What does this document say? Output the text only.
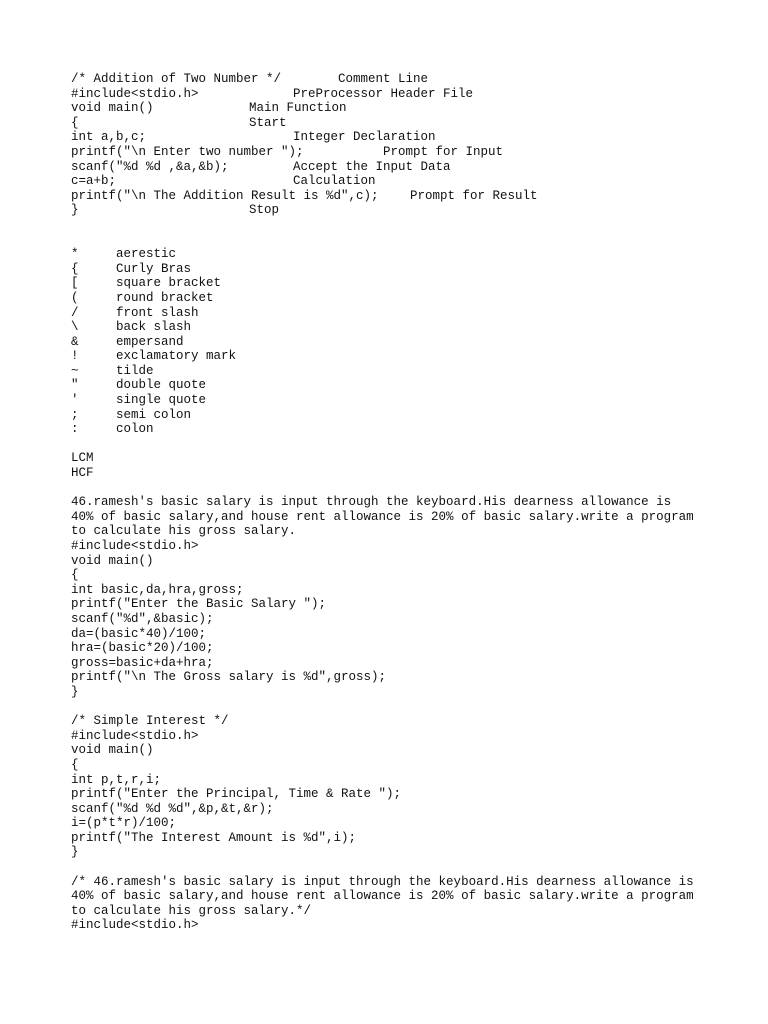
/* Addition of Two Number */	Comment Line
#include<stdio.h>	PreProcessor Header File
void main()	Main Function
{	Start
int a,b,c;	Integer Declaration
printf("\n Enter two number ");	Prompt for Input
scanf("%d %d ,&a,&b);	Accept the Input Data
c=a+b;	Calculation
printf("\n The Addition Result is %d",c);	Prompt for Result
}	Stop
*	aerestic
{	Curly Bras
[	square bracket
(	round bracket
/	front slash
\	back slash
&	empersand
!	exclamatory mark
~	tilde
"	double quote
'	single quote
;	semi colon
:	colon
LCM
HCF
46.ramesh's basic salary is input through the keyboard.His dearness allowance is
40% of basic salary,and house rent allowance is 20% of basic salary.write a program
to calculate his gross salary.
#include<stdio.h>
void main()
{
int basic,da,hra,gross;
printf("Enter the Basic Salary ");
scanf("%d",&basic);
da=(basic*40)/100;
hra=(basic*20)/100;
gross=basic+da+hra;
printf("\n The Gross salary is %d",gross);
}
/* Simple Interest */
#include<stdio.h>
void main()
{
int p,t,r,i;
printf("Enter the Principal, Time & Rate ");
scanf("%d %d %d",&p,&t,&r);
i=(p*t*r)/100;
printf("The Interest Amount is %d",i);
}
/* 46.ramesh's basic salary is input through the keyboard.His dearness allowance is
40% of basic salary,and house rent allowance is 20% of basic salary.write a program
to calculate his gross salary.*/
#include<stdio.h>
